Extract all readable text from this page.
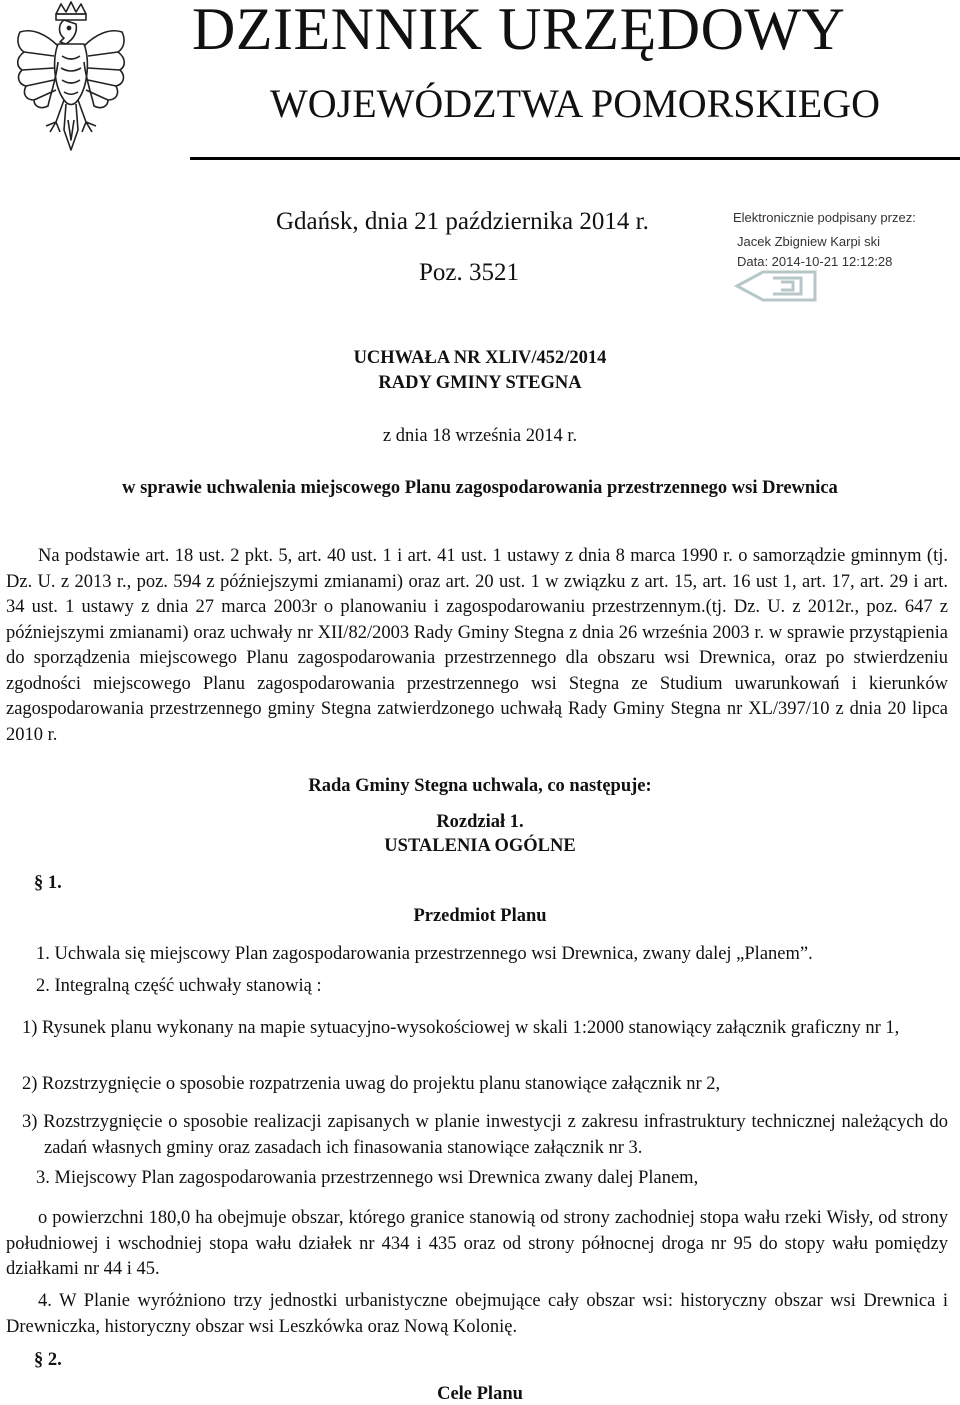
DZIENNIK URZĘDOWY
WOJEWÓDZTWA POMORSKIEGO
Gdańsk, dnia 21 października 2014 r.
Poz. 3521
Elektronicznie podpisany przez:
Jacek Zbigniew Karpi ski
Data: 2014-10-21 12:12:28
UCHWAŁA NR XLIV/452/2014
RADY GMINY STEGNA
z dnia 18 września 2014 r.
w sprawie uchwalenia miejscowego Planu zagospodarowania przestrzennego wsi Drewnica

Na podstawie art. 18 ust. 2 pkt. 5, art. 40 ust. 1 i art. 41 ust. 1 ustawy z dnia 8 marca 1990 r. o samorządzie gminnym (tj. Dz. U. z 2013 r., poz. 594 z późniejszymi zmianami) oraz art. 20 ust. 1 w związku z art. 15, art. 16 ust 1, art. 17, art. 29 i art. 34 ust. 1 ustawy z dnia 27 marca 2003r o planowaniu i zagospodarowaniu przestrzennym.(tj. Dz. U. z 2012r., poz. 647 z późniejszymi zmianami) oraz uchwały nr XII/82/2003 Rady Gminy Stegna z dnia 26 września 2003 r. w sprawie przystąpienia do sporządzenia miejscowego Planu zagospodarowania przestrzennego dla obszaru wsi Drewnica, oraz po stwierdzeniu zgodności miejscowego Planu zagospodarowania przestrzennego wsi Stegna ze Studium uwarunkowań i kierunków zagospodarowania przestrzennego gminy Stegna zatwierdzonego uchwałą Rady Gminy Stegna nr XL/397/10 z dnia 20 lipca 2010 r.

Rada Gminy Stegna uchwala, co następuje:
Rozdział 1.
USTALENIA OGÓLNE
§ 1.
Przedmiot Planu
1. Uchwala się miejscowy Plan zagospodarowania przestrzennego wsi Drewnica, zwany dalej „Planem”.
2. Integralną część uchwały stanowią :

1) Rysunek planu wykonany na mapie sytuacyjno-wysokościowej w skali 1:2000 stanowiący załącznik graficzny nr 1,

2) Rozstrzygnięcie o sposobie rozpatrzenia uwag do projektu planu stanowiące załącznik nr 2,

3) Rozstrzygnięcie o sposobie realizacji zapisanych w planie inwestycji z zakresu infrastruktury technicznej należących do zadań własnych gminy oraz zasadach ich finasowania stanowiące załącznik nr 3.

3. Miejscowy Plan zagospodarowania przestrzennego wsi Drewnica zwany dalej Planem,

o powierzchni 180,0 ha obejmuje obszar, którego granice stanowią od strony zachodniej stopa wału rzeki Wisły, od strony południowej i wschodniej stopa wału działek nr 434 i 435 oraz od strony północnej droga nr 95 do stopy wału pomiędzy działkami nr 44 i 45.

4. W Planie wyróżniono trzy jednostki urbanistyczne obejmujące cały obszar wsi: historyczny obszar wsi Drewnica i Drewniczka, historyczny obszar wsi Leszkówka oraz Nową Kolonię.

§ 2.
Cele Planu
